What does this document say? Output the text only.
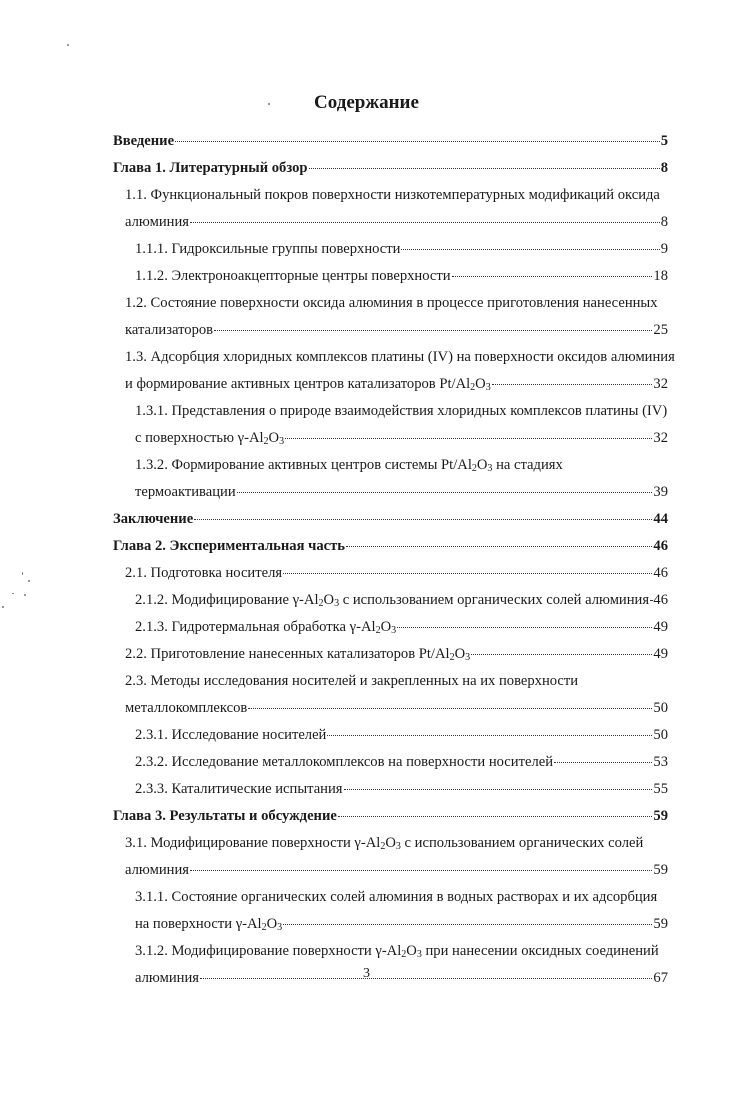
Содержание
Введение	5
Глава 1. Литературный обзор	8
1.1. Функциональный покров поверхности низкотемпературных модификаций оксида
алюминия	8
1.1.1. Гидроксильные группы поверхности	9
1.1.2. Электроноакцепторные центры поверхности	18
1.2. Состояние поверхности оксида алюминия в процессе приготовления нанесенных
катализаторов	25
1.3. Адсорбция хлоридных комплексов платины (IV) на поверхности оксидов алюминия
и формирование активных центров катализаторов $Pt/Al_2O_3$	32
1.3.1. Представления о природе взаимодействия хлоридных комплексов платины (IV)
с поверхностью $\gamma-Al_2O_3$	32
1.3.2. Формирование активных центров системы $Pt/Al_2O_3$ на стадиях
термоактивации	39
Заключение	44
Глава 2. Экспериментальная часть	46
2.1. Подготовка носителя	46
2.1.2. Модифицирование $\gamma-Al_2O_3$ с использованием органических солей алюминия 46
2.1.3. Гидротермальная обработка $\gamma-Al_2O_3$	49
2.2. Приготовление нанесенных катализаторов $Pt/Al_2O_3$	49
2.3. Методы исследования носителей и закрепленных на их поверхности
металлокомплексов	50
2.3.1. Исследование носителей	50
2.3.2. Исследование металлокомплексов на поверхности носителей	53
2.3.3. Каталитические испытания	55
Глава 3. Результаты и обсуждение	59
3.1. Модифицирование поверхности $\gamma-Al_2O_3$ с использованием органических солей
алюминия	59
3.1.1. Состояние органических солей алюминия в водных растворах и их адсорбция
на поверхности $\gamma-Al_2O_3$	59
3.1.2. Модифицирование поверхности $\gamma-Al_2O_3$ при нанесении оксидных соединений
алюминия	67
3
